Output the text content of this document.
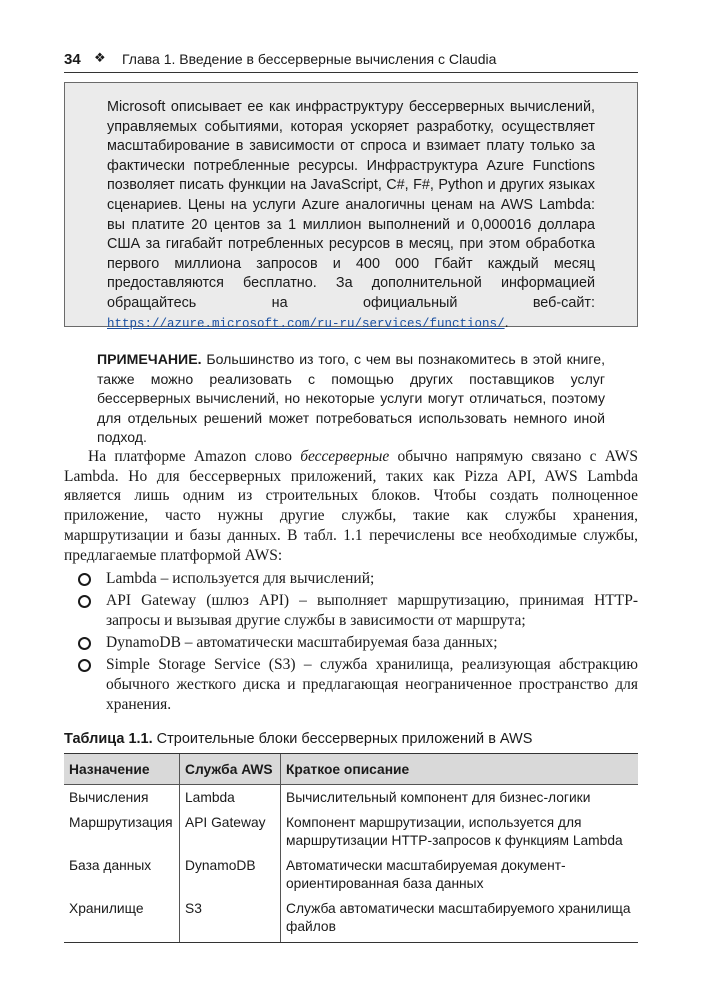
34 ❖ Глава 1. Введение в бессерверные вычисления с Claudia
Microsoft описывает ее как инфраструктуру бессерверных вычислений, управляемых событиями, которая ускоряет разработку, осуществляет масштабирование в зависимости от спроса и взимает плату только за фактически потребленные ресурсы. Инфраструктура Azure Functions позволяет писать функции на JavaScript, C#, F#, Python и других языках сценариев. Цены на услуги Azure аналогичны ценам на AWS Lambda: вы платите 20 центов за 1 миллион выполнений и 0,000016 доллара США за гигабайт потребленных ресурсов в месяц, при этом обработка первого миллиона запросов и 400 000 Гбайт каждый месяц предоставляются бесплатно. За дополнительной информацией обращайтесь на официальный веб-сайт: https://azure.microsoft.com/ru-ru/services/functions/.
ПРИМЕЧАНИЕ. Большинство из того, с чем вы познакомитесь в этой книге, также можно реализовать с помощью других поставщиков услуг бессерверных вычислений, но некоторые услуги могут отличаться, поэтому для отдельных решений может потребоваться использовать немного иной подход.
На платформе Amazon слово бессерверные обычно напрямую связано с AWS Lambda. Но для бессерверных приложений, таких как Pizza API, AWS Lambda является лишь одним из строительных блоков. Чтобы создать полноценное приложение, часто нужны другие службы, такие как службы хранения, маршрутизации и базы данных. В табл. 1.1 перечислены все необходимые службы, предлагаемые платформой AWS:
Lambda – используется для вычислений;
API Gateway (шлюз API) – выполняет маршрутизацию, принимая HTTP-запросы и вызывая другие службы в зависимости от маршрута;
DynamoDB – автоматически масштабируемая база данных;
Simple Storage Service (S3) – служба хранилища, реализующая абстракцию обычного жесткого диска и предлагающая неограниченное пространство для хранения.
Таблица 1.1. Строительные блоки бессерверных приложений в AWS
Назначение	Служба AWS	Краткое описание
Вычисления	Lambda	Вычислительный компонент для бизнес-логики
Маршрутизация	API Gateway	Компонент маршрутизации, используется для маршрутизации HTTP-запросов к функциям Lambda
База данных	DynamoDB	Автоматически масштабируемая документ-ориентированная база данных
Хранилище	S3	Служба автоматически масштабируемого хранилища файлов
